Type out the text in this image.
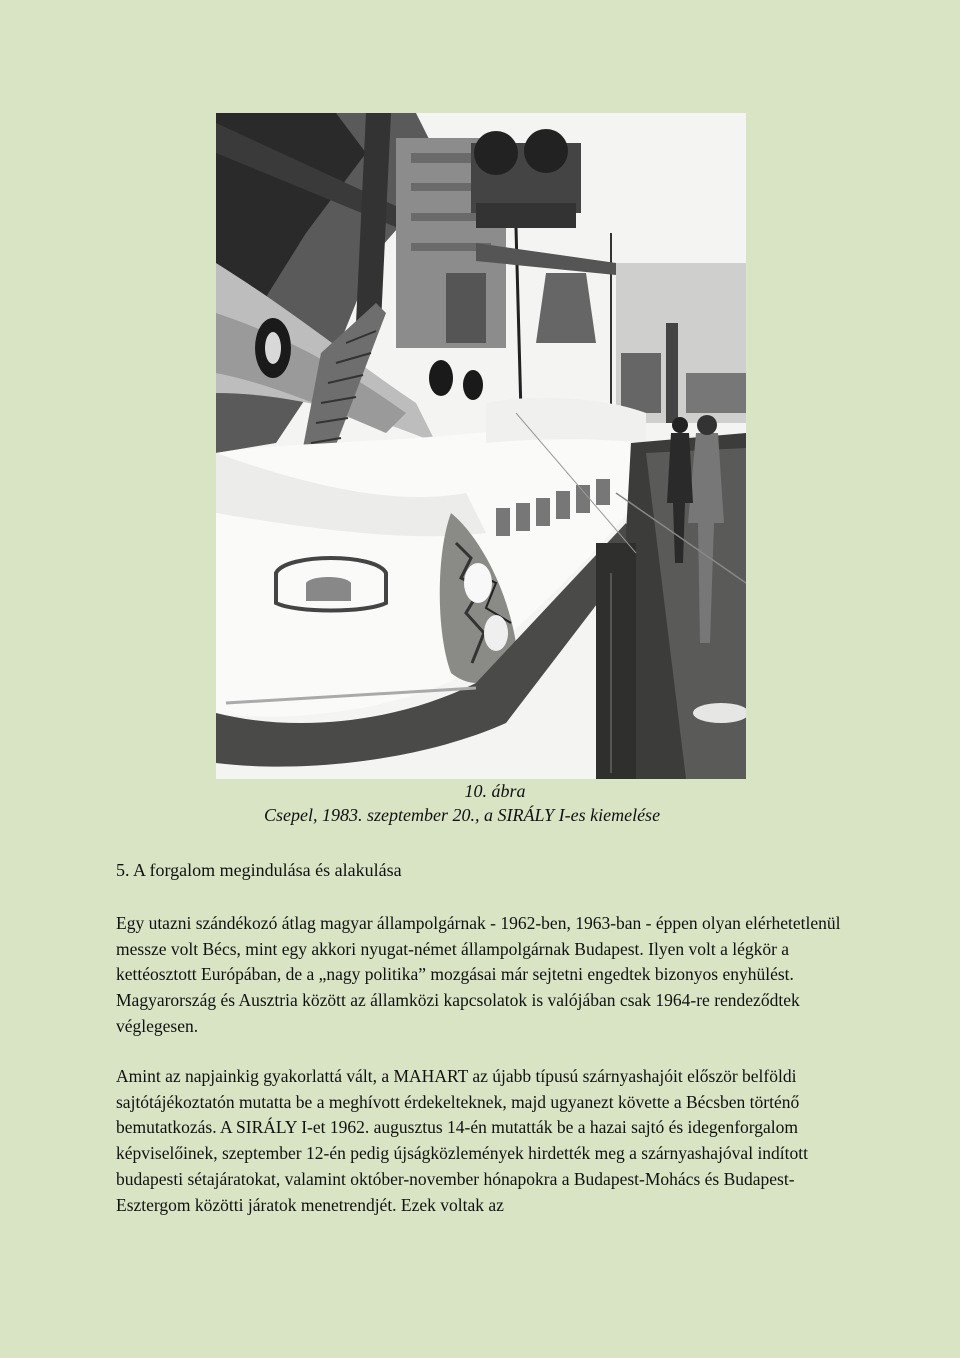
10. ábra
Csepel, 1983. szeptember 20., a SIRÁLY I-es kiemelése
5. A forgalom megindulása és alakulása

Egy utazni szándékozó átlag magyar állampolgárnak - 1962-ben, 1963-ban - éppen olyan elérhetetlenül messze volt Bécs, mint egy akkori nyugat-német állampolgárnak Budapest. Ilyen volt a légkör a kettéosztott Európában, de a „nagy politika” mozgásai már sejtetni engedtek bizonyos enyhülést. Magyarország és Ausztria között az államközi kapcsolatok is valójában csak 1964-re rendeződtek véglegesen.

Amint az napjainkig gyakorlattá vált, a MAHART az újabb típusú szárnyashajóit először belföldi sajtótájékoztatón mutatta be a meghívott érdekelteknek, majd ugyanezt követte a Bécsben történő bemutatkozás. A SIRÁLY I-et 1962. augusztus 14-én mutatták be a hazai sajtó és idegenforgalom képviselőinek, szeptember 12-én pedig újságközlemények hirdették meg a szárnyashajóval indított budapesti sétajáratokat, valamint október-november hónapokra a Budapest-Mohács és Budapest-Esztergom közötti járatok menetrendjét. Ezek voltak az
